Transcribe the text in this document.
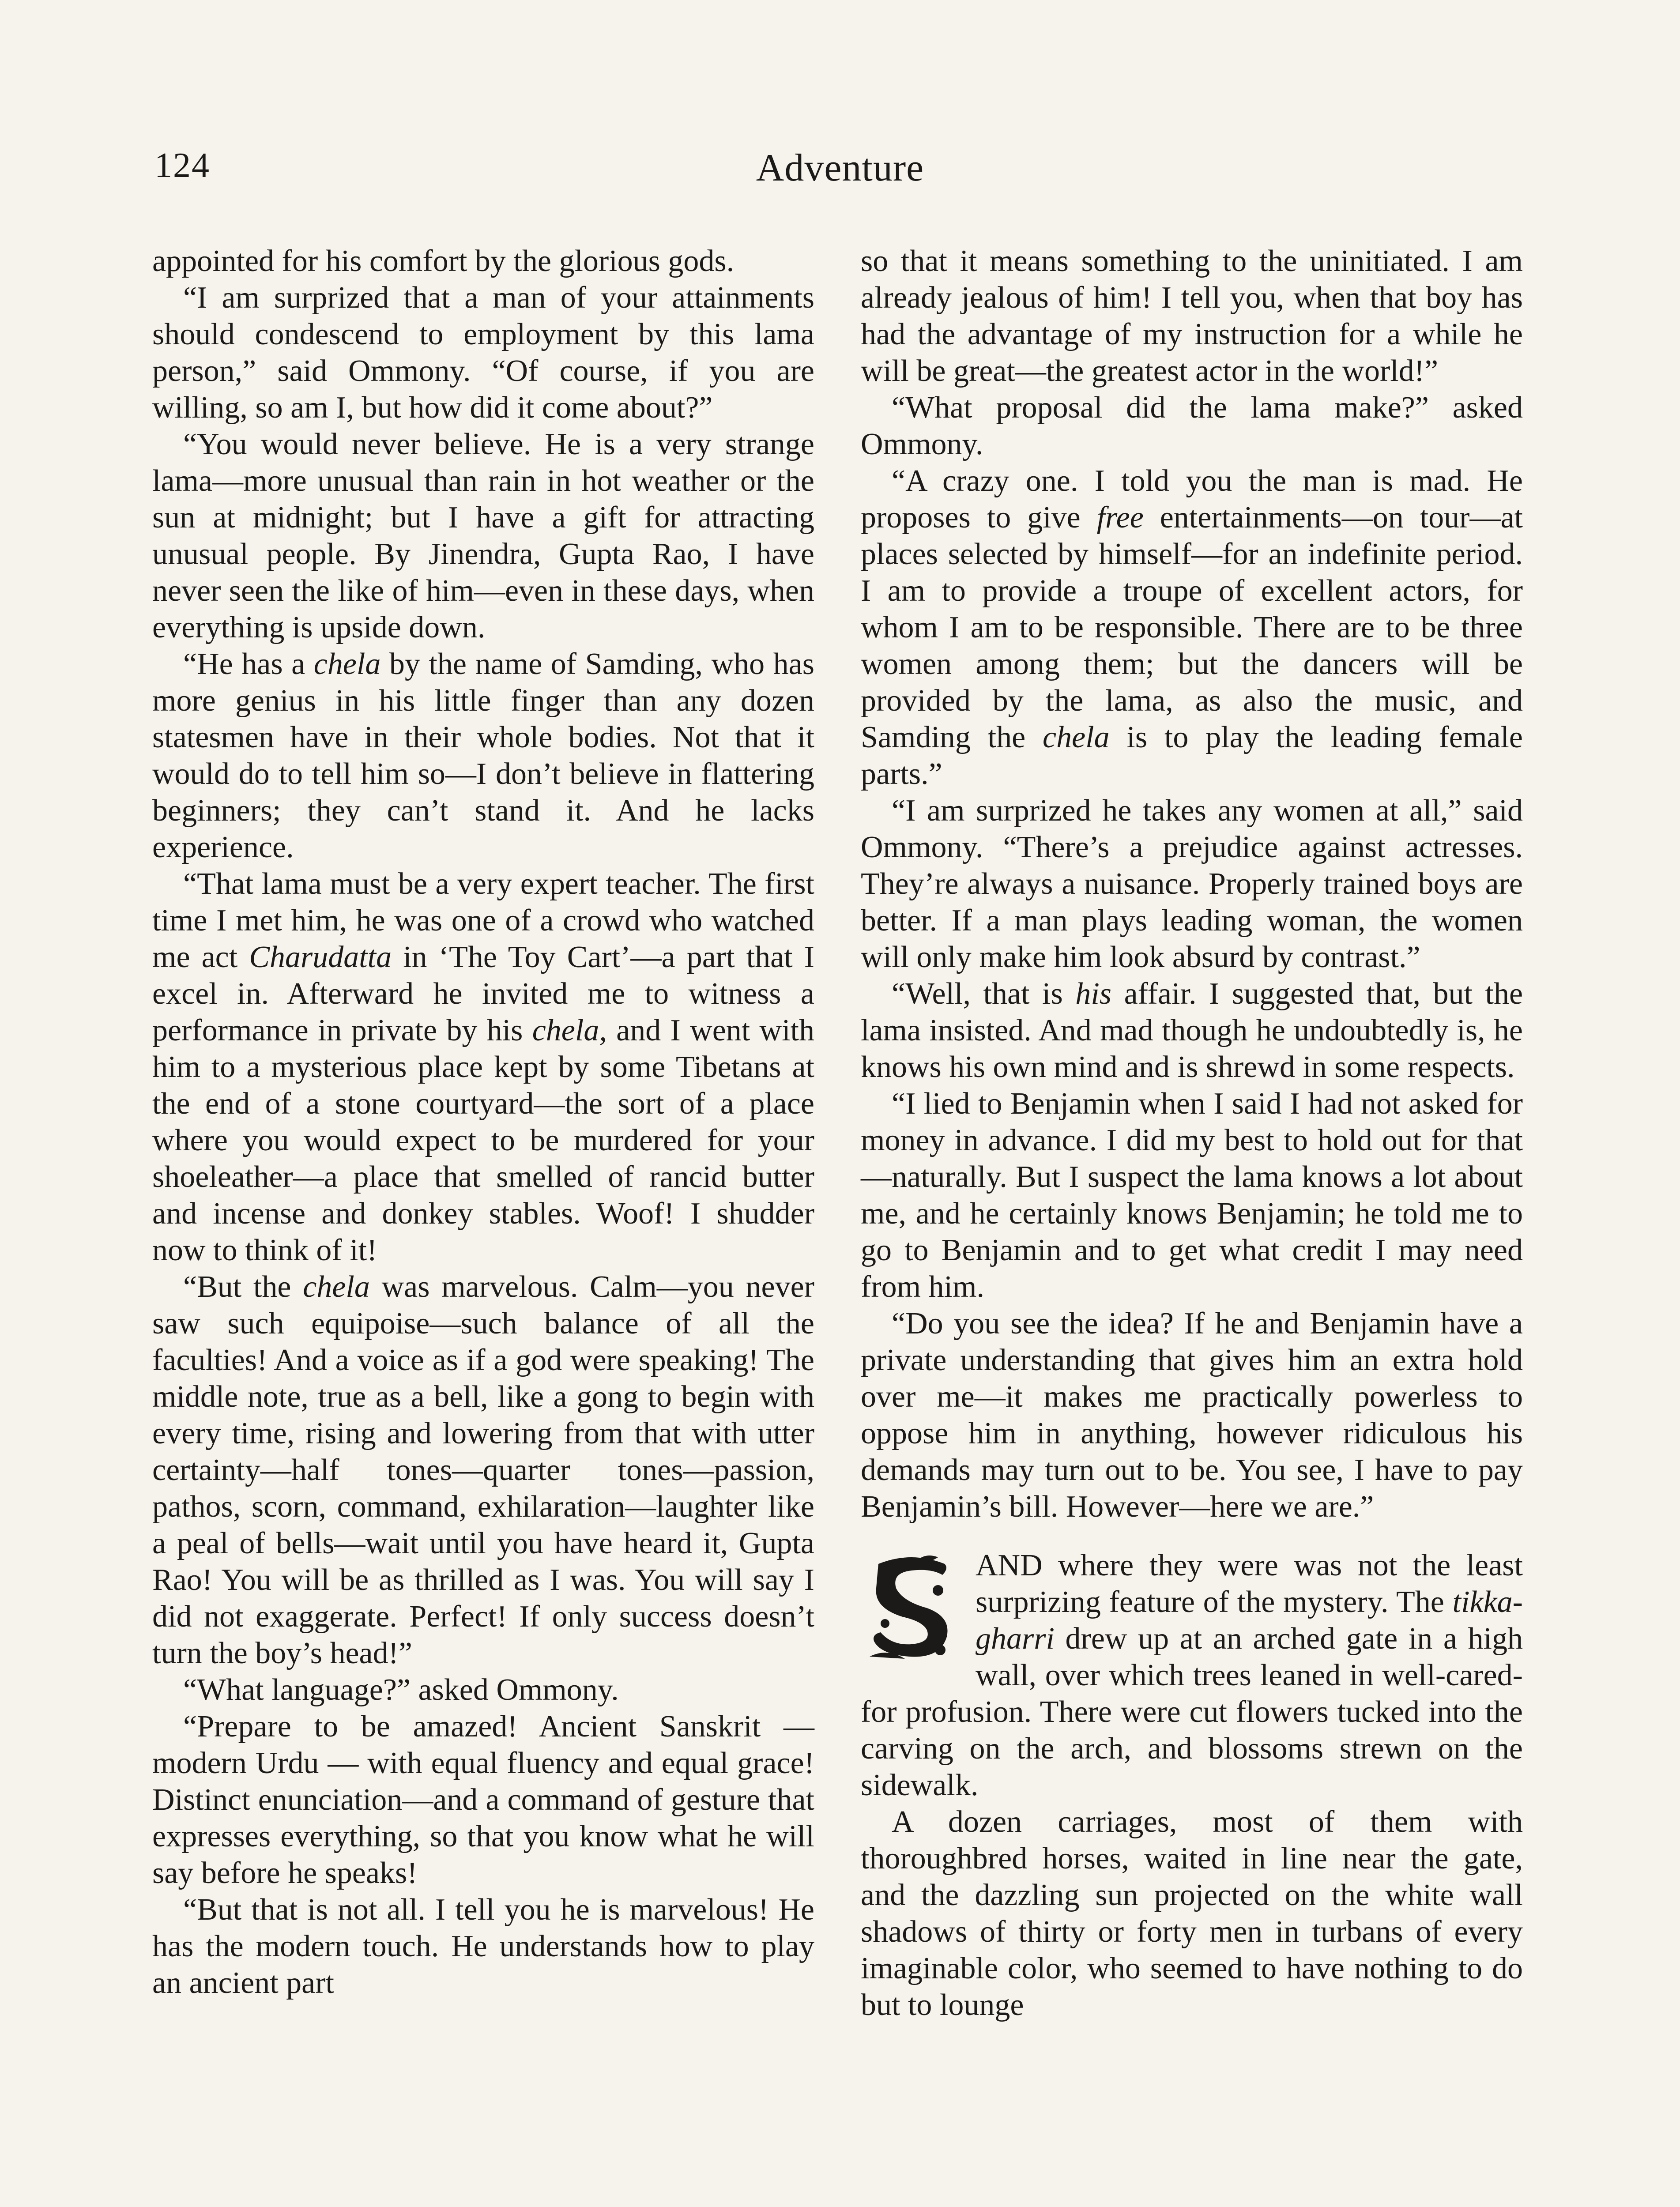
124	Adventure

appointed for his comfort by the glorious gods.

“I am surprized that a man of your attainments should condescend to employment by this lama person,” said Ommony. “Of course, if you are willing, so am I, but how did it come about?”

“You would never believe. He is a very strange lama—more unusual than rain in hot weather or the sun at midnight; but I have a gift for attracting unusual people. By Jinendra, Gupta Rao, I have never seen the like of him—even in these days, when everything is upside down.

“He has a chela by the name of Samding, who has more genius in his little finger than any dozen statesmen have in their whole bodies. Not that it would do to tell him so—I don’t believe in flattering beginners; they can’t stand it. And he lacks experience.

“That lama must be a very expert teacher. The first time I met him, he was one of a crowd who watched me act Charudatta in ‘The Toy Cart’—a part that I excel in. Afterward he invited me to witness a performance in private by his chela, and I went with him to a mysterious place kept by some Tibetans at the end of a stone courtyard—the sort of a place where you would expect to be murdered for your shoeleather—a place that smelled of rancid butter and incense and donkey stables. Woof! I shudder now to think of it!

“But the chela was marvelous. Calm—you never saw such equipoise—such balance of all the faculties! And a voice as if a god were speaking! The middle note, true as a bell, like a gong to begin with every time, rising and lowering from that with utter certainty—half tones—quarter tones—passion, pathos, scorn, command, exhilaration—laughter like a peal of bells—wait until you have heard it, Gupta Rao! You will be as thrilled as I was. You will say I did not exaggerate. Perfect! If only success doesn’t turn the boy’s head!”

“What language?” asked Ommony.

“Prepare to be amazed! Ancient Sanskrit — modern Urdu — with equal fluency and equal grace! Distinct enunciation—and a command of gesture that expresses everything, so that you know what he will say before he speaks!

“But that is not all. I tell you he is marvelous! He has the modern touch. He understands how to play an ancient part

so that it means something to the uninitiated. I am already jealous of him! I tell you, when that boy has had the advantage of my instruction for a while he will be great—the greatest actor in the world!”

“What proposal did the lama make?” asked Ommony.

“A crazy one. I told you the man is mad. He proposes to give free entertainments—on tour—at places selected by himself—for an indefinite period. I am to provide a troupe of excellent actors, for whom I am to be responsible. There are to be three women among them; but the dancers will be provided by the lama, as also the music, and Samding the chela is to play the leading female parts.”

“I am surprized he takes any women at all,” said Ommony. “There’s a prejudice against actresses. They’re always a nuisance. Properly trained boys are better. If a man plays leading woman, the women will only make him look absurd by contrast.”

“Well, that is his affair. I suggested that, but the lama insisted. And mad though he undoubtedly is, he knows his own mind and is shrewd in some respects.

“I lied to Benjamin when I said I had not asked for money in advance. I did my best to hold out for that—naturally. But I suspect the lama knows a lot about me, and he certainly knows Benjamin; he told me to go to Benjamin and to get what credit I may need from him.

“Do you see the idea? If he and Benjamin have a private understanding that gives him an extra hold over me—it makes me practically powerless to oppose him in anything, however ridiculous his demands may turn out to be. You see, I have to pay Benjamin’s bill. However—here we are.”

AND where they were was not the least surprizing feature of the mystery. The tikka-gharri drew up at an arched gate in a high wall, over which trees leaned in well-cared-for profusion. There were cut flowers tucked into the carving on the arch, and blossoms strewn on the sidewalk.

A dozen carriages, most of them with thoroughbred horses, waited in line near the gate, and the dazzling sun projected on the white wall shadows of thirty or forty men in turbans of every imaginable color, who seemed to have nothing to do but to lounge
